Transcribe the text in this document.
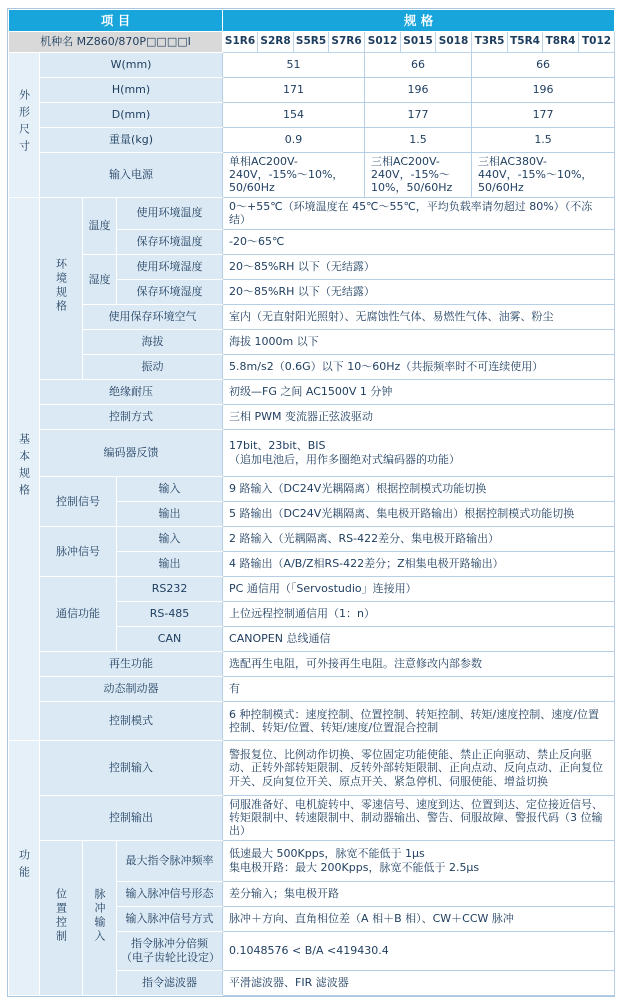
项 目				规 格										
机种名 MZ860/870P□□□□I				S1R6	S2R8	S5R5	S7R6	S012	S015	S018	T3R5	T5R4	T8R4	T012
外形尺寸	W(mm)			51				66			66			
	H(mm)			171				196			196			
	D(mm)			154				177			177			
	重量(kg)			0.9				1.5			1.5			
	输入电源			单相AC200V-240V，-15%～10%，50/60Hz				三相AC200V-240V，-15%～10%，50/60Hz			三相AC380V-440V，-15%～10%，50/60Hz			
基本规格	环境规格	温度	使用环境温度	0～+55℃（环境温度在 45℃～55℃，平均负载率请勿超过 80%）（不冻结）										
			保存环境温度	-20～65℃										
		湿度	使用环境湿度	20～85%RH 以下（无结露）										
			保存环境湿度	20～85%RH 以下（无结露）										
		使用保存环境空气		室内（无直射阳光照射）、无腐蚀性气体、易燃性气体、油雾、粉尘										
		海拔		海拔 1000m 以下										
		振动		5.8m/s2（0.6G）以下 10～60Hz（共振频率时不可连续使用）										
	绝缘耐压			初级—FG 之间 AC1500V 1 分钟										
	控制方式			三相 PWM 变流器正弦波驱动										
	编码器反馈			17bit、23bit、BIS
（追加电池后，用作多圈绝对式编码器的功能）										

	控制信号		输入	9 路输入（DC24V光耦隔离）根据控制模式功能切换										
			输出	5 路输出（DC24V光耦隔离、集电极开路输出）根据控制模式功能切换										
	脉冲信号		输入	2 路输入（光耦隔离、RS-422差分、集电极开路输出）										
			输出	4 路输出（A/B/Z相RS-422差分；Z相集电极开路输出）										
	通信功能		RS232	PC 通信用（「Servostudio」连接用）										
			RS-485	上位远程控制通信用（1：n）										
			CAN	CANOPEN 总线通信										
	再生功能			选配再生电阻，可外接再生电阻。注意修改内部参数										
	动态制动器			有										
	控制模式			6 种控制模式：速度控制、位置控制、转矩控制、转矩/速度控制、速度/位置控制、转矩/位置、转矩/速度/位置混合控制										
功能	控制输入			警报复位、比例动作切换、零位固定功能使能、禁止正向驱动、禁止反向驱动、正转外部转矩限制、反转外部转矩限制、正向点动、反向点动、正向复位开关、反向复位开关、原点开关、紧急停机、伺服使能、增益切换										
	控制输出			伺服准备好、电机旋转中、零速信号、速度到达、位置到达、定位接近信号、转矩限制中、转速限制中、制动器输出、警告、伺服故障、警报代码（3 位输出）										
	位置控制	脉冲输入	最大指令脉冲频率	低速最大 500Kpps，脉宽不能低于 1μs
集电极开路：最大 200Kpps，脉宽不能低于 2.5μs										

			输入脉冲信号形态	差分输入；集电极开路										
			输入脉冲信号方式	脉冲＋方向、直角相位差（A 相＋B 相）、CW＋CCW 脉冲										

			指令脉冲分倍频
（电子齿轮比设定）	0.1048576 < B/A <419430.4										
			指令滤波器	平滑滤波器、FIR 滤波器										
